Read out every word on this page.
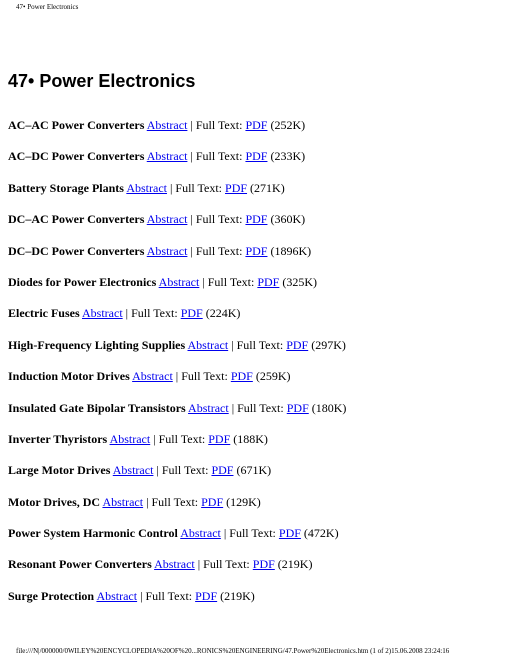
47• Power Electronics
47• Power Electronics
AC–AC Power Converters Abstract | Full Text: PDF (252K)
AC–DC Power Converters Abstract | Full Text: PDF (233K)
Battery Storage Plants Abstract | Full Text: PDF (271K)
DC–AC Power Converters Abstract | Full Text: PDF (360K)
DC–DC Power Converters Abstract | Full Text: PDF (1896K)
Diodes for Power Electronics Abstract | Full Text: PDF (325K)
Electric Fuses Abstract | Full Text: PDF (224K)
High-Frequency Lighting Supplies Abstract | Full Text: PDF (297K)
Induction Motor Drives Abstract | Full Text: PDF (259K)
Insulated Gate Bipolar Transistors Abstract | Full Text: PDF (180K)
Inverter Thyristors Abstract | Full Text: PDF (188K)
Large Motor Drives Abstract | Full Text: PDF (671K)
Motor Drives, DC Abstract | Full Text: PDF (129K)
Power System Harmonic Control Abstract | Full Text: PDF (472K)
Resonant Power Converters Abstract | Full Text: PDF (219K)
Surge Protection Abstract | Full Text: PDF (219K)
file:///N|/000000/0WILEY%20ENCYCLOPEDIA%20OF%20...RONICS%20ENGINEERING/47.Power%20Electronics.htm (1 of 2)15.06.2008 23:24:16
